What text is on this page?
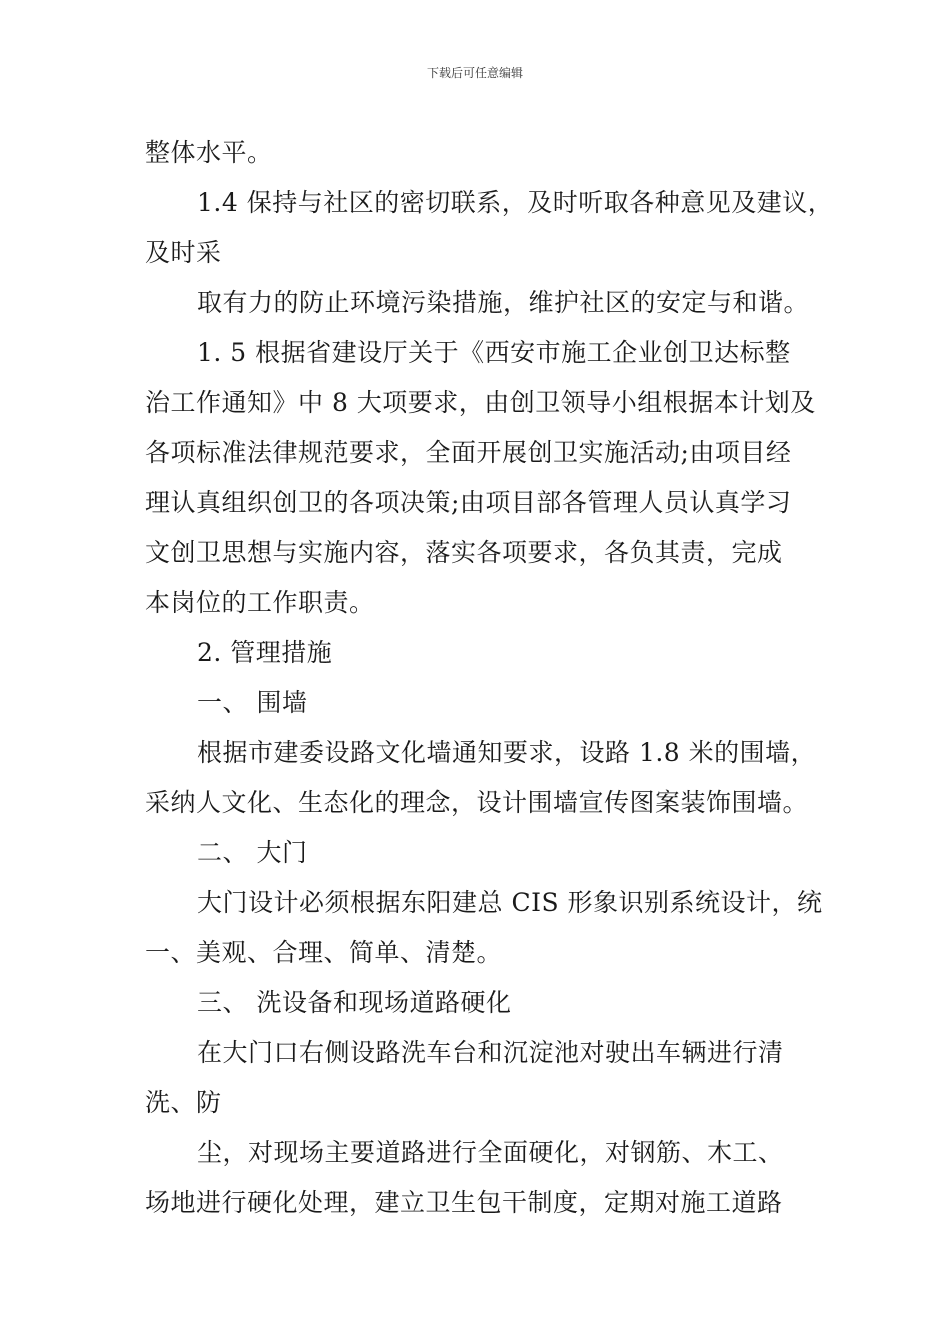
下载后可任意编辑
整体水平。
1.4 保持与社区的密切联系，及时听取各种意见及建议，
及时采
取有力的防止环境污染措施，维护社区的安定与和谐。
1. 5 根据省建设厅关于《西安市施工企业创卫达标整
治工作通知》中 8 大项要求，由创卫领导小组根据本计划及
各项标准法律规范要求，全面开展创卫实施活动;由项目经
理认真组织创卫的各项决策;由项目部各管理人员认真学习
文创卫思想与实施内容，落实各项要求，各负其责，完成
本岗位的工作职责。
2. 管理措施
一、 围墙
根据市建委设路文化墙通知要求，设路 1.8 米的围墙，
采纳人文化、生态化的理念，设计围墙宣传图案装饰围墙。
二、 大门
大门设计必须根据东阳建总 CIS 形象识别系统设计，统
一、美观、合理、简单、清楚。
三、 洗设备和现场道路硬化
在大门口右侧设路洗车台和沉淀池对驶出车辆进行清
洗、防
尘，对现场主要道路进行全面硬化，对钢筋、木工、
场地进行硬化处理，建立卫生包干制度，定期对施工道路
